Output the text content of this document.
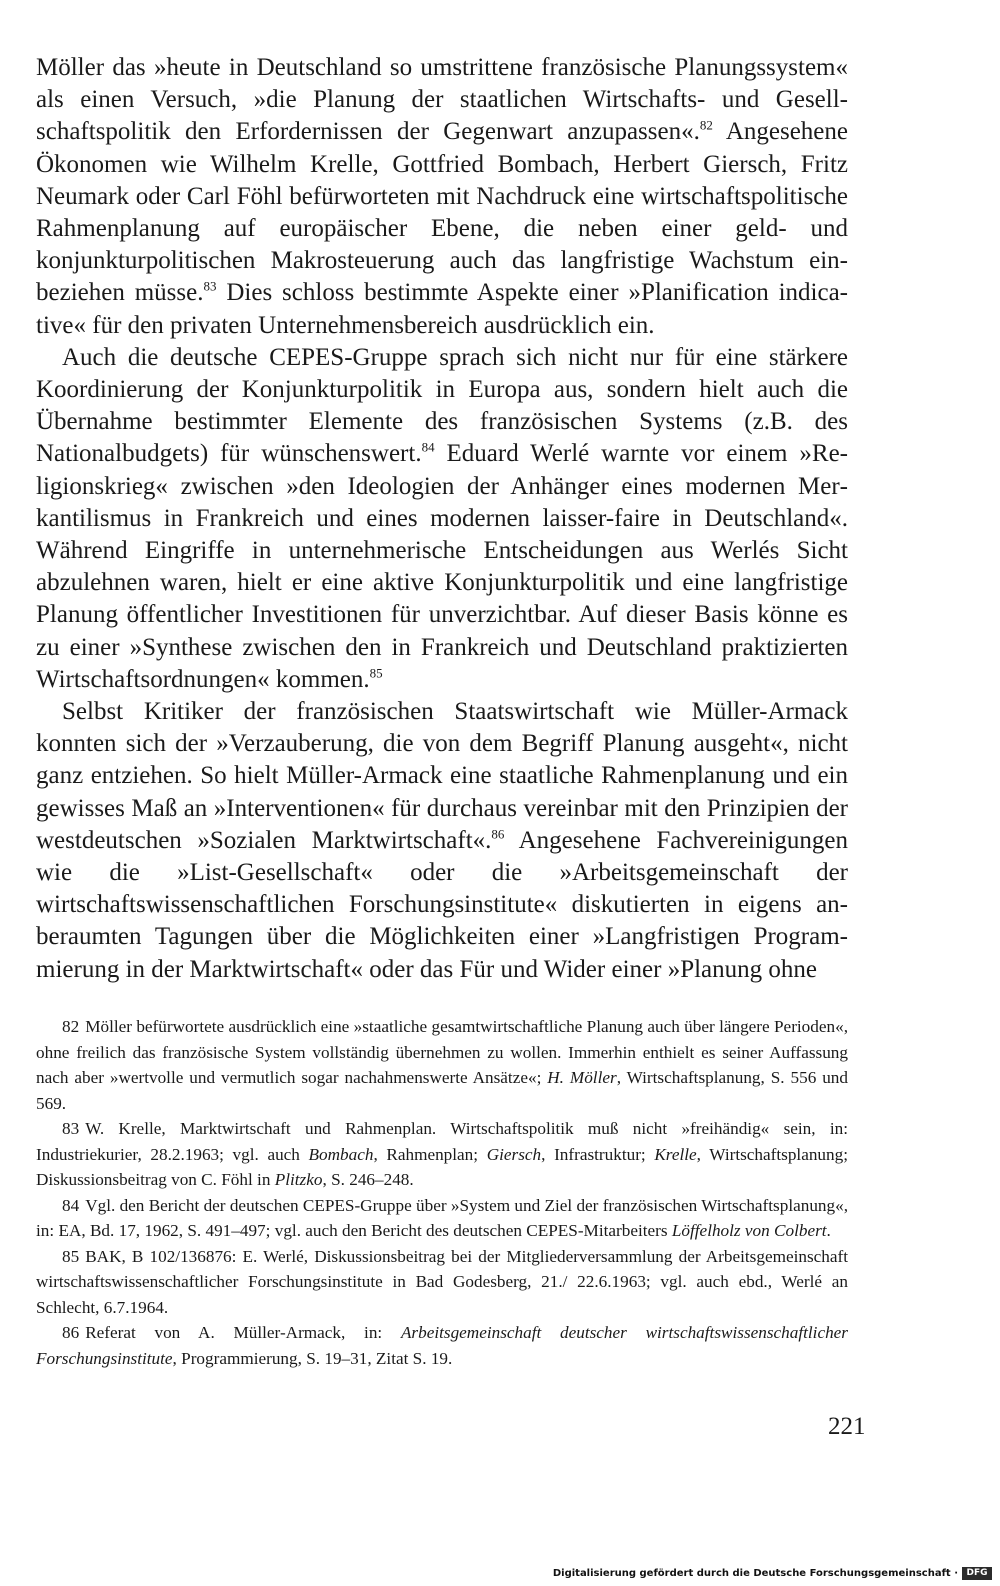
Möller das »heute in Deutschland so umstrittene französische Planungssystem« als einen Versuch, »die Planung der staatlichen Wirtschafts- und Gesellschaftspolitik den Erfordernissen der Gegenwart anzupassen«.$^{82}$ Angesehene Ökonomen wie Wilhelm Krelle, Gottfried Bombach, Herbert Giersch, Fritz Neumark oder Carl Föhl befürworteten mit Nachdruck eine wirtschaftspolitische Rahmenplanung auf europäischer Ebene, die neben einer geld- und konjunkturpolitischen Makrosteuerung auch das langfristige Wachstum einbeziehen müsse.$^{83}$ Dies schloss bestimmte Aspekte einer »Planification indicative« für den privaten Unternehmensbereich ausdrücklich ein.

Auch die deutsche CEPES-Gruppe sprach sich nicht nur für eine stärkere Koordinierung der Konjunkturpolitik in Europa aus, sondern hielt auch die Übernahme bestimmter Elemente des französischen Systems (z.B. des Nationalbudgets) für wünschenswert.$^{84}$ Eduard Werlé warnte vor einem »Religionskrieg« zwischen »den Ideologien der Anhänger eines modernen Merkantilismus in Frankreich und eines modernen laisser-faire in Deutschland«. Während Eingriffe in unternehmerische Entscheidungen aus Werlés Sicht abzulehnen waren, hielt er eine aktive Konjunkturpolitik und eine langfristige Planung öffentlicher Investitionen für unverzichtbar. Auf dieser Basis könne es zu einer »Synthese zwischen den in Frankreich und Deutschland praktizierten Wirtschaftsordnungen« kommen.$^{85}$

Selbst Kritiker der französischen Staatswirtschaft wie Müller-Armack konnten sich der »Verzauberung, die von dem Begriff Planung ausgeht«, nicht ganz entziehen. So hielt Müller-Armack eine staatliche Rahmenplanung und ein gewisses Maß an »Interventionen« für durchaus vereinbar mit den Prinzipien der westdeutschen »Sozialen Marktwirtschaft«.$^{86}$ Angesehene Fachvereinigungen wie die »List-Gesellschaft« oder die »Arbeitsgemeinschaft der wirtschaftswissenschaftlichen Forschungsinstitute« diskutierten in eigens anberaumten Tagungen über die Möglichkeiten einer »Langfristigen Programmierung in der Marktwirtschaft« oder das Für und Wider einer »Planung ohne

82 Möller befürwortete ausdrücklich eine »staatliche gesamtwirtschaftliche Planung auch über längere Perioden«, ohne freilich das französische System vollständig übernehmen zu wollen. Immerhin enthielt es seiner Auffassung nach aber »wertvolle und vermutlich sogar nachahmenswerte Ansätze«; H. Möller, Wirtschaftsplanung, S. 556 und 569.

83 W. Krelle, Marktwirtschaft und Rahmenplan. Wirtschaftspolitik muß nicht »freihändig« sein, in: Industriekurier, 28.2.1963; vgl. auch Bombach, Rahmenplan; Giersch, Infrastruktur; Krelle, Wirtschaftsplanung; Diskussionsbeitrag von C. Föhl in Plitzko, S. 246–248.

84 Vgl. den Bericht der deutschen CEPES-Gruppe über »System und Ziel der französischen Wirtschaftsplanung«, in: EA, Bd. 17, 1962, S. 491–497; vgl. auch den Bericht des deutschen CEPES-Mitarbeiters Löffelholz von Colbert.

85 BAK, B 102/136876: E. Werlé, Diskussionsbeitrag bei der Mitgliederversammlung der Arbeitsgemeinschaft wirtschaftswissenschaftlicher Forschungsinstitute in Bad Godesberg, 21./ 22.6.1963; vgl. auch ebd., Werlé an Schlecht, 6.7.1964.

86 Referat von A. Müller-Armack, in: Arbeitsgemeinschaft deutscher wirtschaftswissenschaftlicher Forschungsinstitute, Programmierung, S. 19–31, Zitat S. 19.

221
Digitalisierung gefördert durch die Deutsche Forschungsgemeinschaft · DFG
